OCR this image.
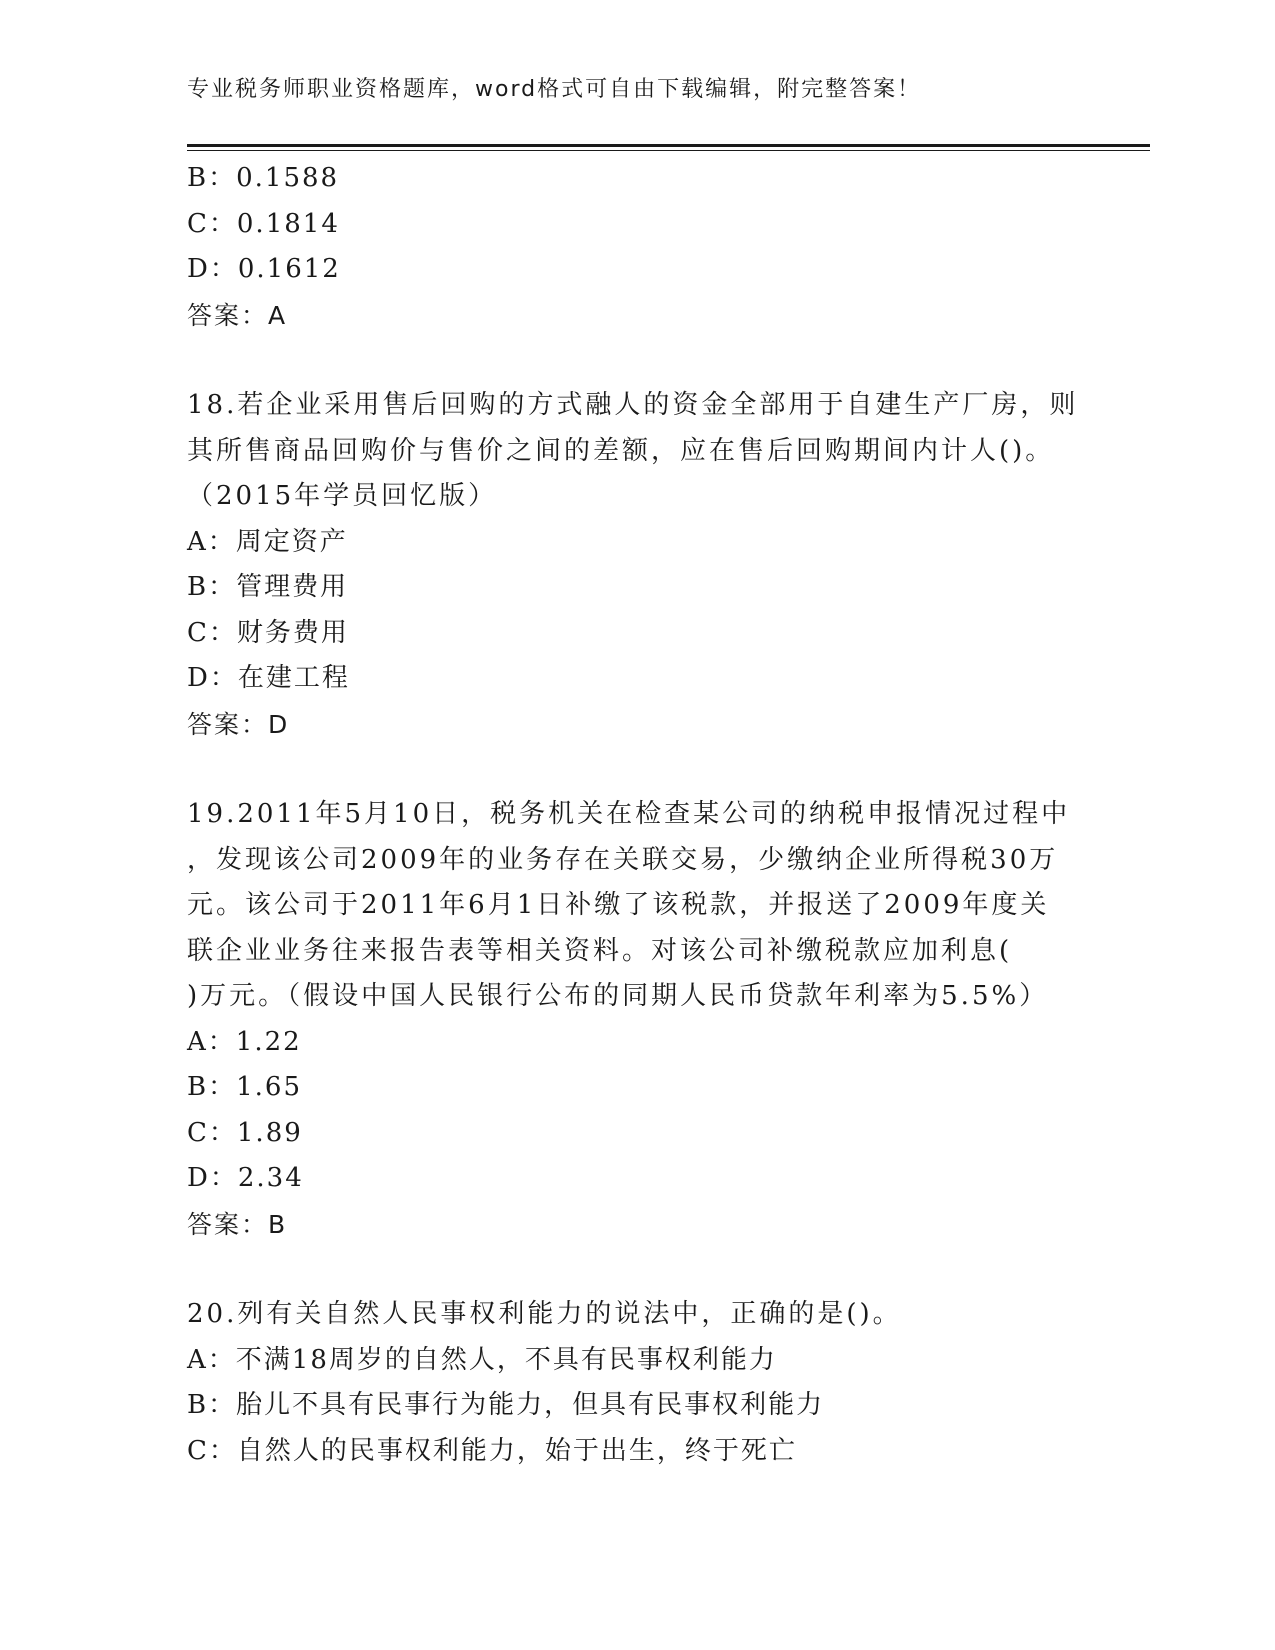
专业税务师职业资格题库，word格式可自由下载编辑，附完整答案！
B：0.1588
C：0.1814
D：0.1612
答案：A
18.若企业采用售后回购的方式融人的资金全部用于自建生产厂房，则
其所售商品回购价与售价之间的差额，应在售后回购期间内计人()。
（2015年学员回忆版）
A：周定资产
B：管理费用
C：财务费用
D：在建工程
答案：D
19.2011年5月10日，税务机关在检查某公司的纳税申报情况过程中
，发现该公司2009年的业务存在关联交易，少缴纳企业所得税30万
元。该公司于2011年6月1日补缴了该税款，并报送了2009年度关
联企业业务往来报告表等相关资料。对该公司补缴税款应加利息(
)万元。（假设中国人民银行公布的同期人民币贷款年利率为5.5%）
A：1.22
B：1.65
C：1.89
D：2.34
答案：B
20.列有关自然人民事权利能力的说法中，正确的是()。
A：不满18周岁的自然人，不具有民事权利能力
B：胎儿不具有民事行为能力，但具有民事权利能力
C：自然人的民事权利能力，始于出生，终于死亡
